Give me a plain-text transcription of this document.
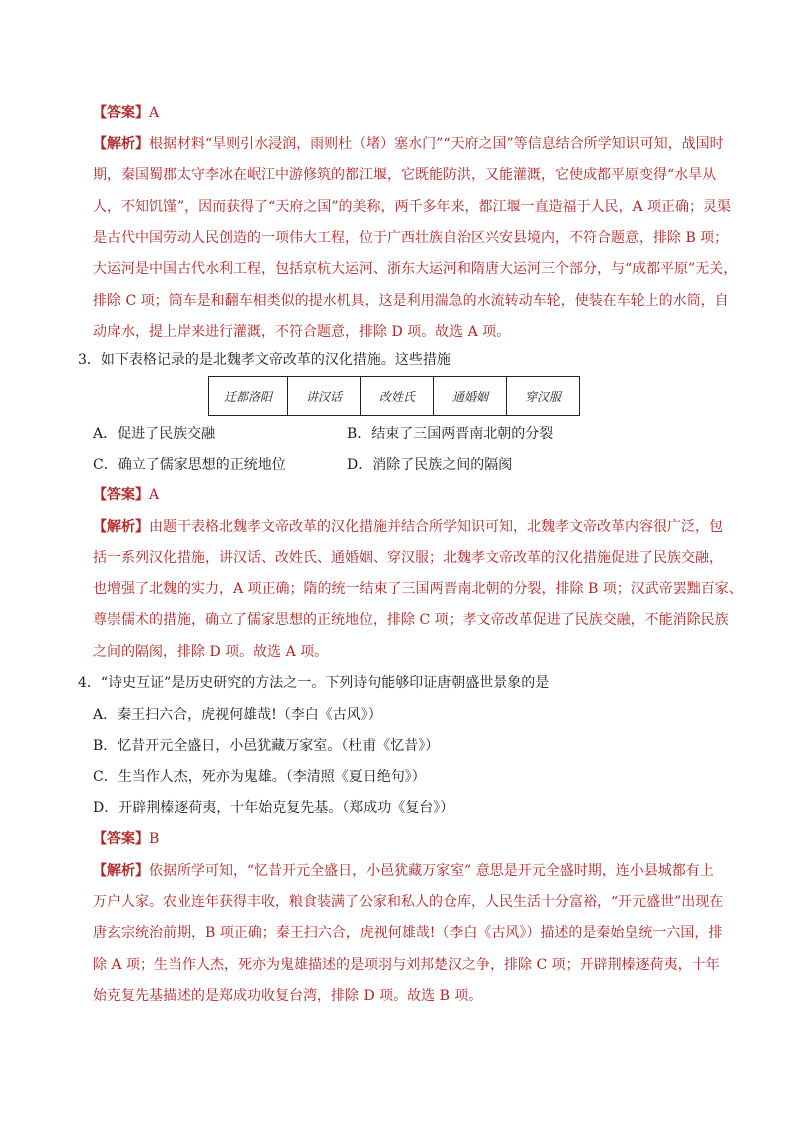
【答案】A
【解析】根据材料“旱则引水浸润，雨则杜（堵）塞水门”“天府之国”等信息结合所学知识可知，战国时
期，秦国蜀郡太守李冰在岷江中游修筑的都江堰，它既能防洪，又能灌溉，它使成都平原变得“水旱从
人，不知饥馑”，因而获得了“天府之国”的美称，两千多年来，都江堰一直造福于人民，A 项正确；灵渠
是古代中国劳动人民创造的一项伟大工程，位于广西壮族自治区兴安县境内，不符合题意，排除 B 项；
大运河是中国古代水利工程，包括京杭大运河、浙东大运河和隋唐大运河三个部分，与“成都平原”无关，
排除 C 项；筒车是和翻车相类似的提水机具，这是利用湍急的水流转动车轮，使装在车轮上的水筒，自
动戽水，提上岸来进行灌溉，不符合题意，排除 D 项。故选 A 项。
3．如下表格记录的是北魏孝文帝改革的汉化措施。这些措施
迁都洛阳	讲汉话	改姓氏	通婚姻	穿汉服
A．促进了民族交融	B．结束了三国两晋南北朝的分裂
C．确立了儒家思想的正统地位	D．消除了民族之间的隔阂
【答案】A
【解析】由题干表格北魏孝文帝改革的汉化措施并结合所学知识可知，北魏孝文帝改革内容很广泛，包
括一系列汉化措施，讲汉话、改姓氏、通婚姻、穿汉服；北魏孝文帝改革的汉化措施促进了民族交融，
也增强了北魏的实力，A 项正确；隋的统一结束了三国两晋南北朝的分裂，排除 B 项；汉武帝罢黜百家、
尊崇儒术的措施，确立了儒家思想的正统地位，排除 C 项；孝文帝改革促进了民族交融，不能消除民族
之间的隔阂，排除 D 项。故选 A 项。
4．“诗史互证”是历史研究的方法之一。下列诗句能够印证唐朝盛世景象的是
A．秦王扫六合，虎视何雄哉!（李白《古风》）
B．忆昔开元全盛日，小邑犹藏万家室。（杜甫《忆昔》）
C．生当作人杰，死亦为鬼雄。（李清照《夏日绝句》）
D．开辟荆榛逐荷夷，十年始克复先基。（郑成功《复台》）
【答案】B
【解析】依据所学可知，“忆昔开元全盛日，小邑犹藏万家室” 意思是开元全盛时期，连小县城都有上
万户人家。农业连年获得丰收，粮食装满了公家和私人的仓库，人民生活十分富裕，“开元盛世”出现在
唐玄宗统治前期，B 项正确；秦王扫六合，虎视何雄哉!（李白《古风》）描述的是秦始皇统一六国，排
除 A 项；生当作人杰，死亦为鬼雄描述的是项羽与刘邦楚汉之争，排除 C 项；开辟荆榛逐荷夷，十年
始克复先基描述的是郑成功收复台湾，排除 D 项。故选 B 项。
